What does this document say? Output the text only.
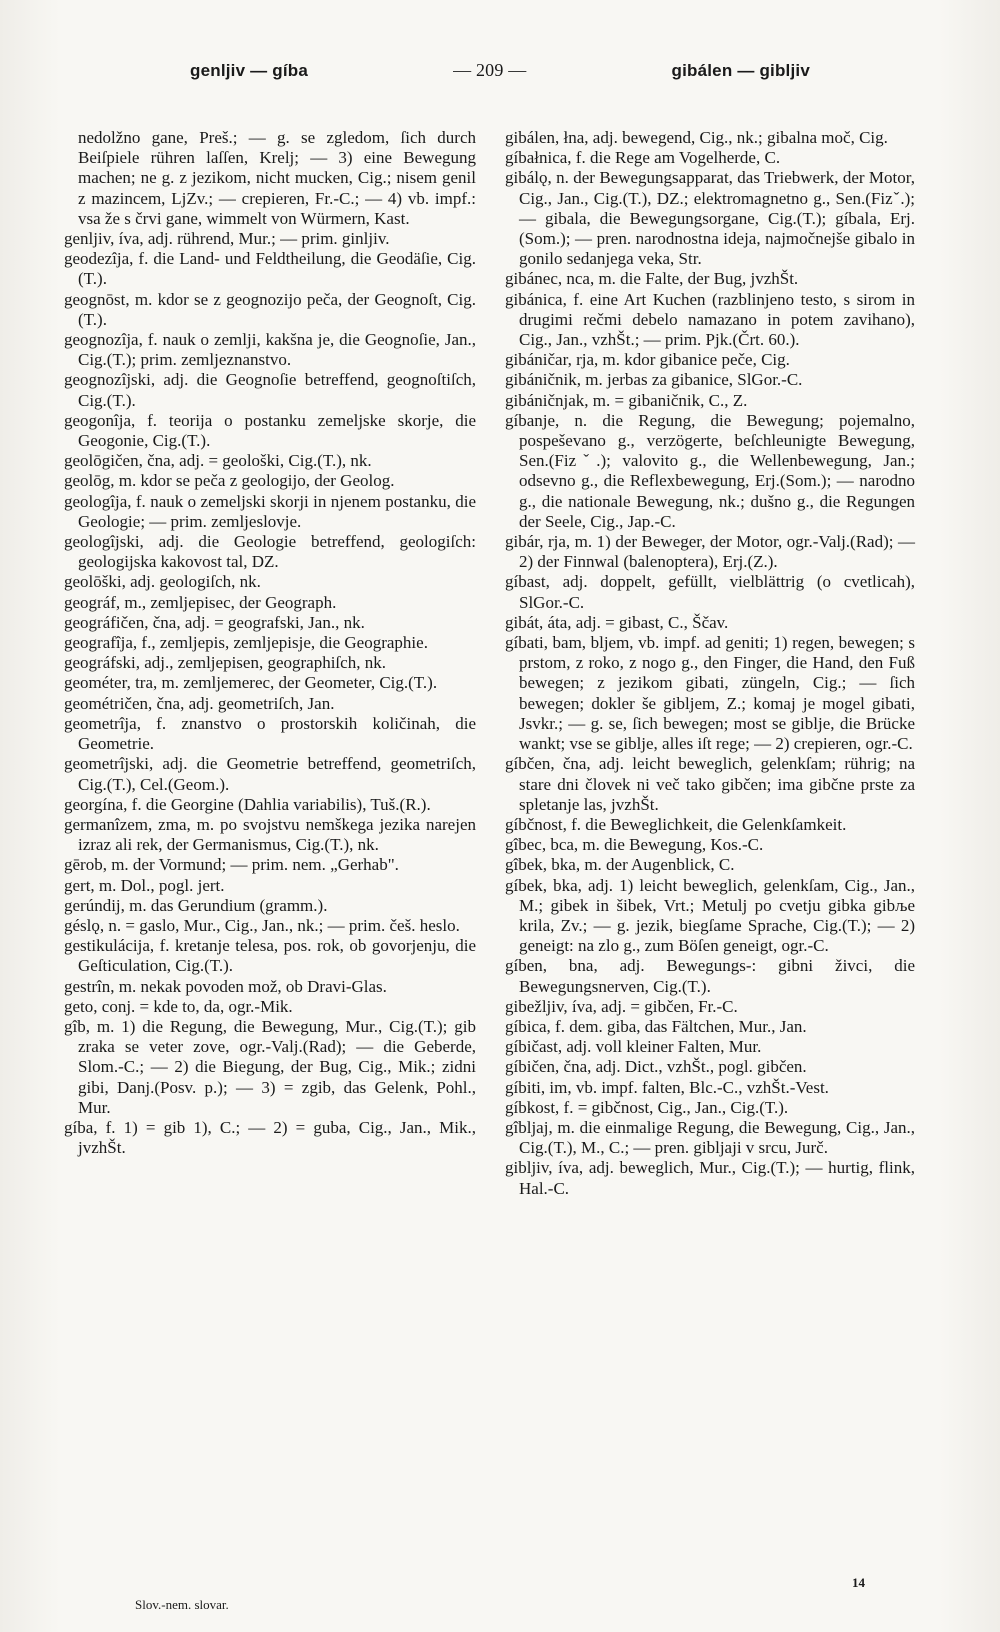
genljiv — gíba	— 209 —	gibálen — gibljiv

nedolžno gane, Preš.; — g. se zgledom, ſich durch Beiſpiele rühren laſſen, Krelj; — 3) eine Bewegung machen; ne g. z jezikom, nicht mucken, Cig.; nisem genil z mazincem, LjZv.; — crepieren, Fr.-C.; — 4) vb. impf.: vsa že s črvi gane, wimmelt von Würmern, Kast.

genljiv, íva, adj. rührend, Mur.; — prim. ginljiv.

geodezîja, f. die Land- und Feldtheilung, die Geodäſie, Cig.(T.).

geognōst, m. kdor se z geognozijo peča, der Geognoſt, Cig.(T.).

geognozîja, f. nauk o zemlji, kakšna je, die Geognoſie, Jan., Cig.(T.); prim. zemljeznanstvo.

geognozîjski, adj. die Geognoſie betreffend, geognoſtiſch, Cig.(T.).

geogonîja, f. teorija o postanku zemeljske skorje, die Geogonie, Cig.(T.).

geolōgičen, čna, adj. = geološki, Cig.(T.), nk.

geolōg, m. kdor se peča z geologijo, der Geolog.

geologîja, f. nauk o zemeljski skorji in njenem postanku, die Geologie; — prim. zemljeslovje.

geologîjski, adj. die Geologie betreffend, geologiſch: geologijska kakovost tal, DZ.

geolōški, adj. geologiſch, nk.

geográf, m., zemljepisec, der Geograph.

geográfičen, čna, adj. = geografski, Jan., nk.

geografîja, f., zemljepis, zemljepisje, die Geographie.

geográfski, adj., zemljepisen, geographiſch, nk.

geométer, tra, m. zemljemerec, der Geometer, Cig.(T.).

geométričen, čna, adj. geometriſch, Jan.

geometrîja, f. znanstvo o prostorskih količinah, die Geometrie.

geometrîjski, adj. die Geometrie betreffend, geometriſch, Cig.(T.), Cel.(Geom.).

georgína, f. die Georgine (Dahlia variabilis), Tuš.(R.).

germanîzem, zma, m. po svojstvu nemškega jezika narejen izraz ali rek, der Germanismus, Cig.(T.), nk.

gērob, m. der Vormund; — prim. nem. „Gerhab".

gert, m. Dol., pogl. jert.

gerúndij, m. das Gerundium (gramm.).

géslǫ, n. = gaslo, Mur., Cig., Jan., nk.; — prim. češ. heslo.

gestikulácija, f. kretanje telesa, pos. rok, ob govorjenju, die Geſticulation, Cig.(T.).

gestrîn, m. nekak povoden mož, ob Dravi-Glas.

geto, conj. = kde to, da, ogr.-Mik.

gîb, m. 1) die Regung, die Bewegung, Mur., Cig.(T.); gib zraka se veter zove, ogr.-Valj.(Rad); — die Geberde, Slom.-C.; — 2) die Biegung, der Bug, Cig., Mik.; zidni gibi, Danj.(Posv. p.); — 3) = zgib, das Gelenk, Pohl., Mur.

gíba, f. 1) = gib 1), C.; — 2) = guba, Cig., Jan., Mik., jvzhŠt.

gibálen, łna, adj. bewegend, Cig., nk.; gibalna moč, Cig.

gíbałnica, f. die Rege am Vogelherde, C.

gibálǫ, n. der Bewegungsapparat, das Triebwerk, der Motor, Cig., Jan., Cig.(T.), DZ.; elektromagnetno g., Sen.(Fizˇ.); — gibala, die Bewegungsorgane, Cig.(T.); gíbala, Erj.(Som.); — pren. narodnostna ideja, najmočnejše gibalo in gonilo sedanjega veka, Str.

gibánec, nca, m. die Falte, der Bug, jvzhŠt.

gibánica, f. eine Art Kuchen (razblinjeno testo, s sirom in drugimi rečmi debelo namazano in potem zavihano), Cig., Jan., vzhŠt.; — prim. Pjk.(Črt. 60.).

gibáničar, rja, m. kdor gibanice peče, Cig.

gibáničnik, m. jerbas za gibanice, SlGor.-C.

gibáničnjak, m. = gibaničnik, C., Z.

gíbanje, n. die Regung, die Bewegung; pojemalno, pospeševano g., verzögerte, beſchleunigte Bewegung, Sen.(Fizˇ.); valovito g., die Wellenbewegung, Jan.; odsevno g., die Reflexbewegung, Erj.(Som.); — narodno g., die nationale Bewegung, nk.; dušno g., die Regungen der Seele, Cig., Jap.-C.

gibár, rja, m. 1) der Beweger, der Motor, ogr.-Valj.(Rad); — 2) der Finnwal (balenoptera), Erj.(Z.).

gíbast, adj. doppelt, gefüllt, vielblättrig (o cvetlicah), SlGor.-C.

gibát, áta, adj. = gibast, C., Ščav.

gíbati, bam, bljem, vb. impf. ad geniti; 1) regen, bewegen; s prstom, z roko, z nogo g., den Finger, die Hand, den Fuß bewegen; z jezikom gibati, züngeln, Cig.; — ſich bewegen; dokler še gibljem, Z.; komaj je mogel gibati, Jsvkr.; — g. se, ſich bewegen; most se giblje, die Brücke wankt; vse se giblje, alles iſt rege; — 2) crepieren, ogr.-C.

gíbčen, čna, adj. leicht beweglich, gelenkſam; rührig; na stare dni človek ni več tako gibčen; ima gibčne prste za spletanje las, jvzhŠt.

gíbčnost, f. die Beweglichkeit, die Gelenkſamkeit.

gîbec, bca, m. die Bewegung, Kos.-C.

gîbek, bka, m. der Augenblick, C.

gíbek, bka, adj. 1) leicht beweglich, gelenkſam, Cig., Jan., M.; gibek in šibek, Vrt.; Metulj po cvetju gibka gibље krila, Zv.; — g. jezik, biegſame Sprache, Cig.(T.); — 2) geneigt: na zlo g., zum Böſen geneigt, ogr.-C.

gíben, bna, adj. Bewegungs-: gibni živci, die Bewegungsnerven, Cig.(T.).

gibežljiv, íva, adj. = gibčen, Fr.-C.

gíbica, f. dem. giba, das Fältchen, Mur., Jan.

gíbičast, adj. voll kleiner Falten, Mur.

gíbičen, čna, adj. Dict., vzhŠt., pogl. gibčen.

gíbiti, im, vb. impf. falten, Blc.-C., vzhŠt.-Vest.

gíbkost, f. = gibčnost, Cig., Jan., Cig.(T.).

gîbljaj, m. die einmalige Regung, die Bewegung, Cig., Jan., Cig.(T.), M., C.; — pren. gibljaji v srcu, Jurč.

gibljiv, íva, adj. beweglich, Mur., Cig.(T.); — hurtig, flink, Hal.-C.

Slov.-nem. slovar.
14
